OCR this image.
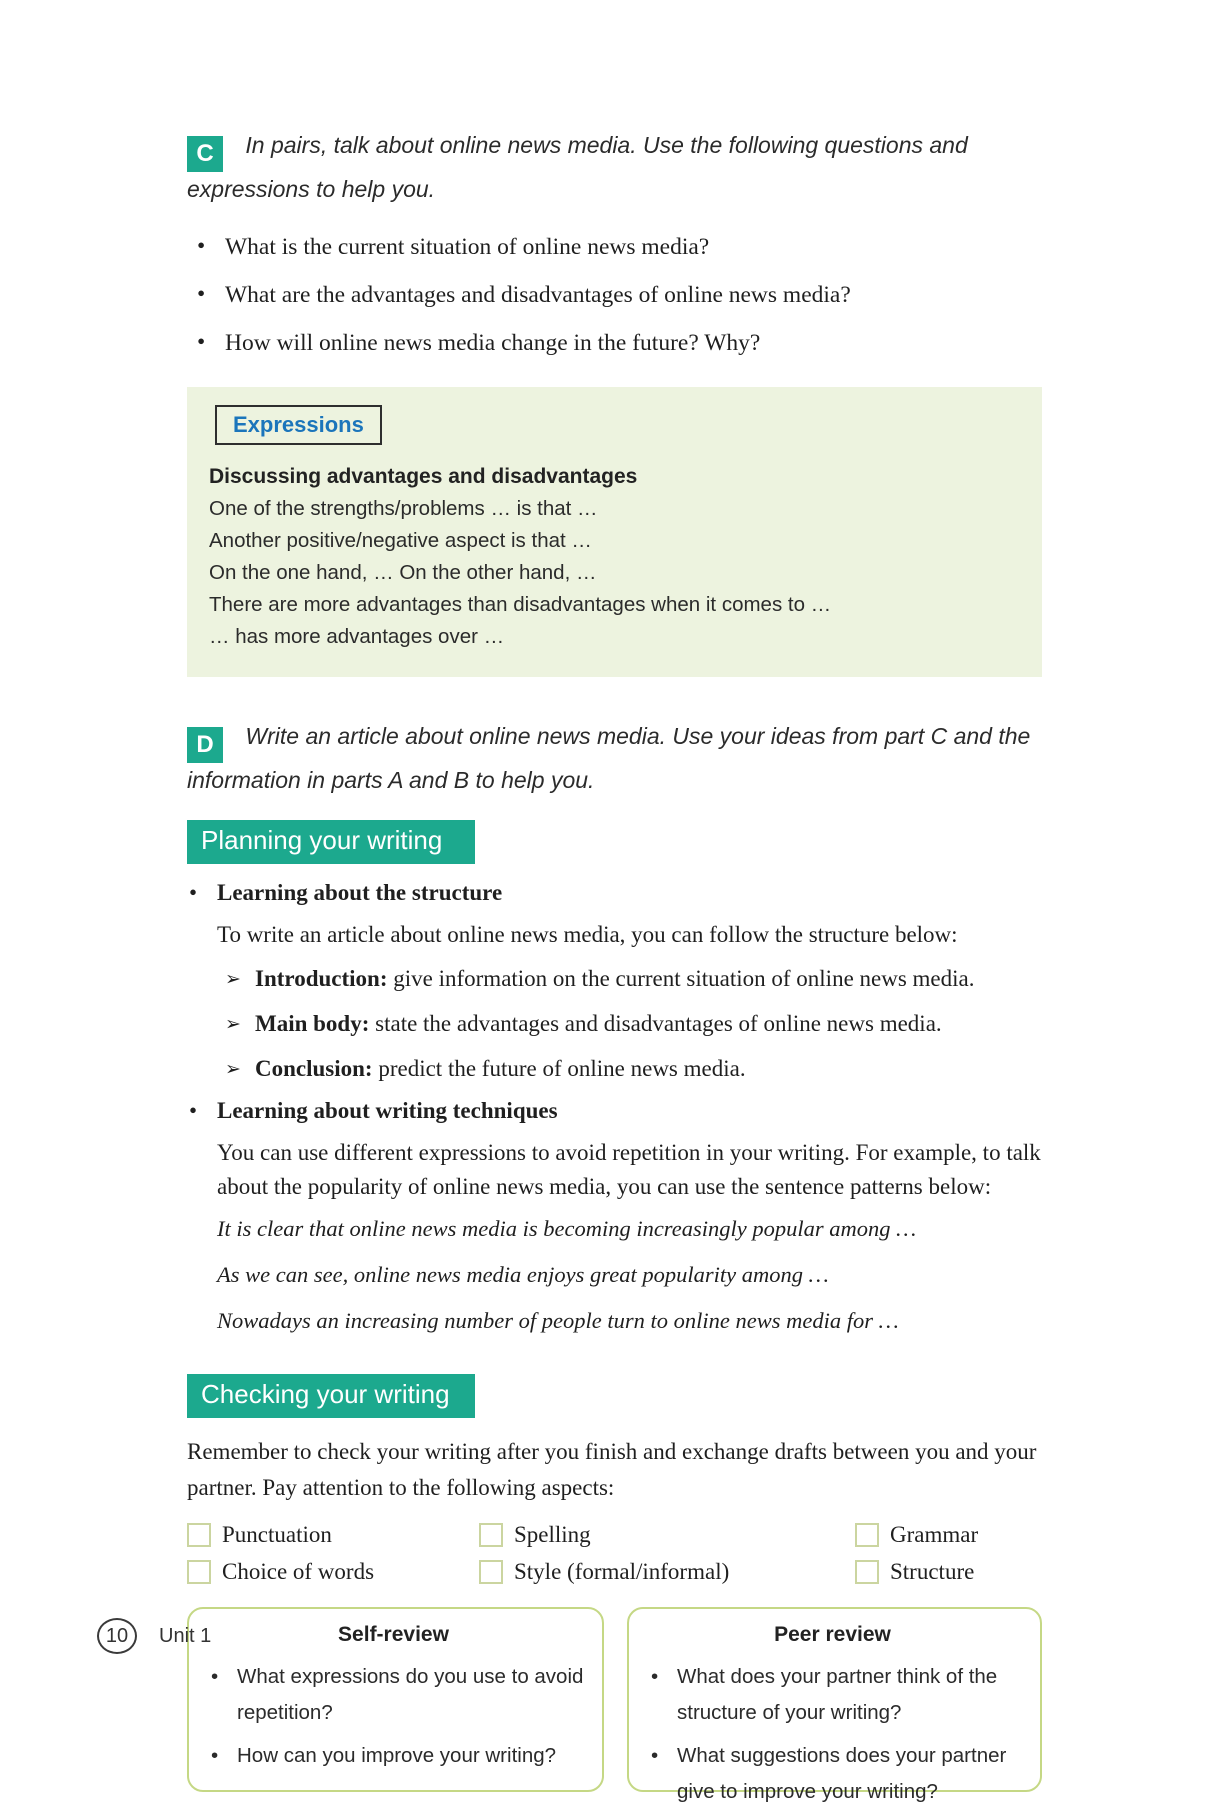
C In pairs, talk about online news media. Use the following questions and expressions to help you.

• What is the current situation of online news media?
• What are the advantages and disadvantages of online news media?
• How will online news media change in the future? Why?
Expressions
Discussing advantages and disadvantages
One of the strengths/problems … is that …
Another positive/negative aspect is that …
On the one hand, … On the other hand, …
There are more advantages than disadvantages when it comes to …
… has more advantages over …

D Write an article about online news media. Use your ideas from part C and the information in parts A and B to help you.

Planning your writing
• Learning about the structure
To write an article about online news media, you can follow the structure below:
➢ Introduction: give information on the current situation of online news media.
➢ Main body: state the advantages and disadvantages of online news media.
➢ Conclusion: predict the future of online news media.
• Learning about writing techniques
You can use different expressions to avoid repetition in your writing. For example, to talk about the popularity of online news media, you can use the sentence patterns below:
It is clear that online news media is becoming increasingly popular among …
As we can see, online news media enjoys great popularity among …
Nowadays an increasing number of people turn to online news media for …
Checking your writing
Remember to check your writing after you finish and exchange drafts between you and your partner. Pay attention to the following aspects:
Punctuation	Spelling	Grammar
Choice of words	Style (formal/informal)	Structure
Self-review
• What expressions do you use to avoid repetition?
• How can you improve your writing?
Peer review
• What does your partner think of the structure of your writing?
• What suggestions does your partner give to improve your writing?
10	Unit 1
